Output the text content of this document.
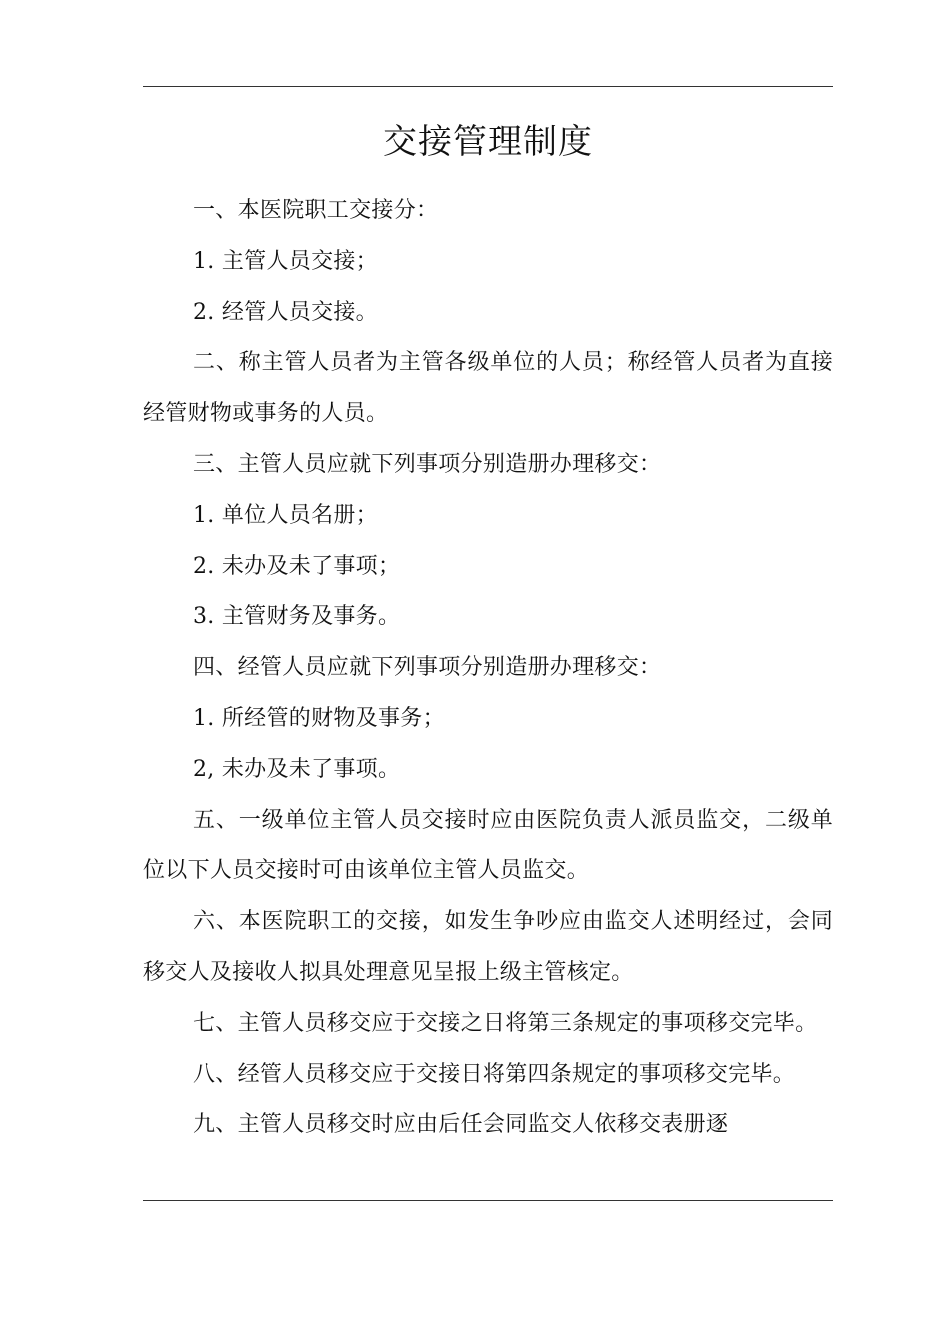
交接管理制度

一、本医院职工交接分：

1. 主管人员交接；

2. 经管人员交接。

二、称主管人员者为主管各级单位的人员；称经管人员者为直接经管财物或事务的人员。

三、主管人员应就下列事项分别造册办理移交：

1. 单位人员名册；

2. 未办及未了事项；

3. 主管财务及事务。

四、经管人员应就下列事项分别造册办理移交：

1. 所经管的财物及事务；

2, 未办及未了事项。

五、一级单位主管人员交接时应由医院负责人派员监交，二级单位以下人员交接时可由该单位主管人员监交。

六、本医院职工的交接，如发生争吵应由监交人述明经过，会同移交人及接收人拟具处理意见呈报上级主管核定。

七、主管人员移交应于交接之日将第三条规定的事项移交完毕。

八、经管人员移交应于交接日将第四条规定的事项移交完毕。

九、主管人员移交时应由后任会同监交人依移交表册逐
